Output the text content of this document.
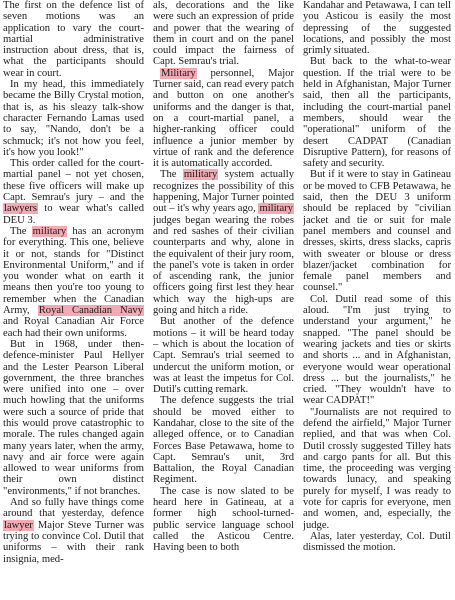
The first on the defence list of seven motions was an application to vary the court-martial administrative instruction about dress, that is, what the participants should wear in court.

In my head, this immediately became the Billy Crystal motion, that is, as his sleazy talk-show character Fernando Lamas used to say, "Nando, don't be a schmuck; it's not how you feel, it's how you look!"

This order called for the court-martial panel – not yet chosen, these five officers will make up Capt. Semrau's jury – and the lawyers to wear what's called DEU 3.

The military has an acronym for everything. This one, believe it or not, stands for "Distinct Environmental Uniform," and if you wonder what on earth it means then you're too young to remember when the Canadian Army, Royal Canadian Navy and Royal Canadian Air Force each had their own uniforms.

But in 1968, under then-defence-minister Paul Hellyer and the Lester Pearson Liberal government, the three branches were unified into one – over much howling that the uniforms were such a source of pride that this would prove catastrophic to morale. The rules changed again many years later, when the army, navy and air force were again allowed to wear uniforms from their own distinct "environments," if not branches.

And so fully have things come around that yesterday, defence lawyer Major Steve Turner was trying to convince Col. Dutil that uniforms – with their rank insignia, med-

als, decorations and the like were such an expression of pride and power that the wearing of them in court and on the panel could impact the fairness of Capt. Semrau's trial.

Military personnel, Major Turner said, can read every patch and button on one another's uniforms and the danger is that, on a court-martial panel, a higher-ranking officer could influence a junior member by virtue of rank and the deference it is automatically accorded.

The military system actually recognizes the possibility of this happening, Major Turner pointed out – it's why years ago, military judges began wearing the robes and red sashes of their civilian counterparts and why, alone in the equivalent of their jury room, the panel's vote is taken in order of ascending rank, the junior officers going first lest they hear which way the high-ups are going and hitch a ride.

But another of the defence motions – it will be heard today – which is about the location of Capt. Semrau's trial seemed to undercut the uniform motion, or was at least the impetus for Col. Dutil's cutting remark.

The defence suggests the trial should be moved either to Kandahar, close to the site of the alleged offence, or to Canadian Forces Base Petawawa, home to Capt. Semrau's unit, 3rd Battalion, the Royal Canadian Regiment.

The case is now slated to be heard here in Gatineau, at a former high school-turned-public service language school called the Asticou Centre. Having been to both

Kandahar and Petawawa, I can tell you Asticou is easily the most depressing of the suggested locations, and possibly the most grimly situated.

But back to the what-to-wear question. If the trial were to be held in Afghanistan, Major Turner said, then all the participants, including the court-martial panel members, should wear the "operational" uniform of the desert CADPAT (Canadian Disruptive Pattern), for reasons of safety and security.

But if it were to stay in Gatineau or be moved to CFB Petawawa, he said, then the DEU 3 uniform should be replaced by "civilian jacket and tie or suit for male panel members and counsel and dresses, skirts, dress slacks, capris with sweater or blouse or dress blazer/jacket combination for female panel members and counsel."

Col. Dutil read some of this aloud. "I'm just trying to understand your argument," he snapped. "The panel should be wearing jackets and ties or skirts and shorts ... and in Afghanistan, everyone would wear operational dress ... but the journalists," he cried. "They wouldn't have to wear CADPAT!"

"Journalists are not required to defend the airfield," Major Turner replied, and that was when Col. Dutil crossly suggested Tilley hats and cargo pants for all. But this time, the proceeding was verging towards lunacy, and speaking purely for myself, I was ready to vote for capris for everyone, men and women, and, especially, the judge.

Alas, later yesterday, Col. Dutil dismissed the motion.
